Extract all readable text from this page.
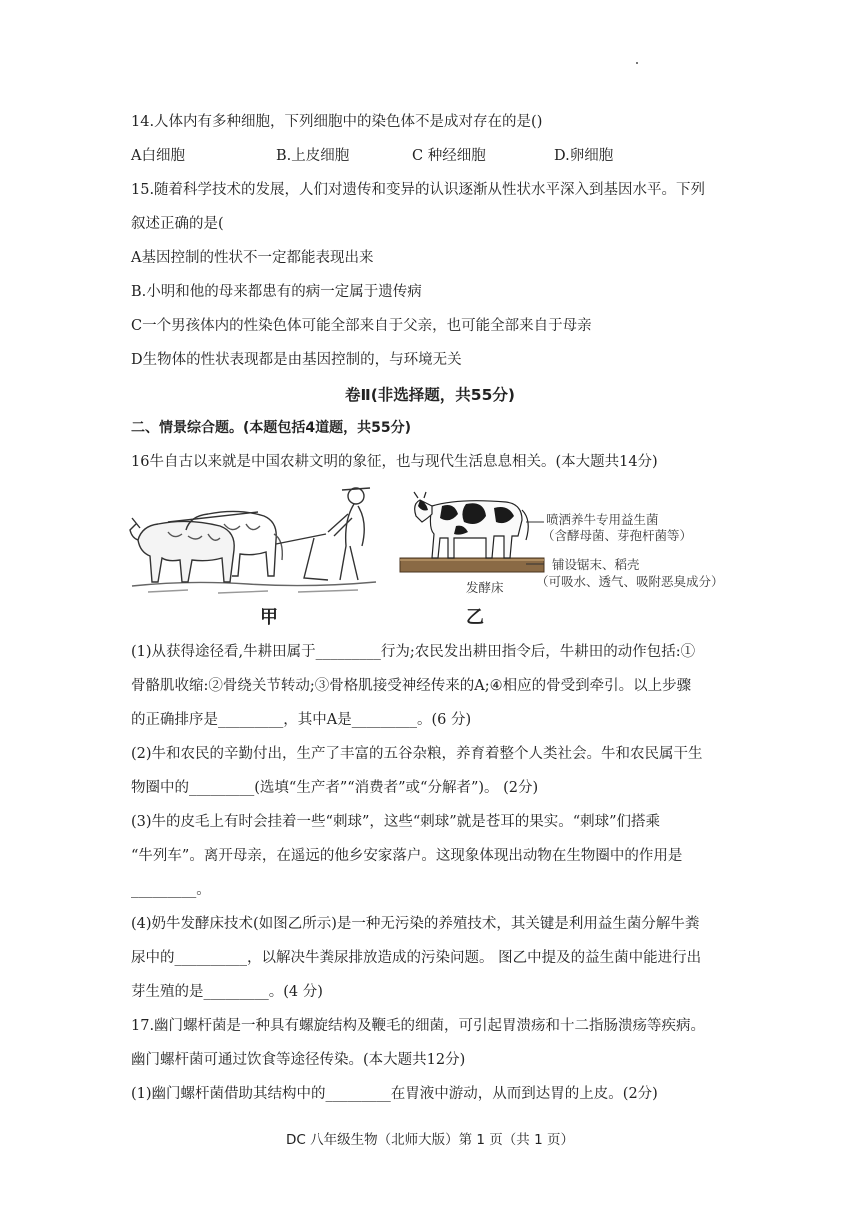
14.人体内有多种细胞，下列细胞中的染色体不是成对存在的是()
A白细胞	B.上皮细胞	C 种经细胞	D.卵细胞
15.随着科学技术的发展，人们对遗传和变异的认识逐渐从性状水平深入到基因水平。下列
叙述正确的是(
A基因控制的性状不一定都能表现出来
B.小明和他的母来都患有的病一定属于遗传病
C一个男孩体内的性染色体可能全部来自于父亲，也可能全部来自于母亲
D生物体的性状表现都是由基因控制的，与环境无关
卷Ⅱ(非选择题，共55分)
二、情景综合题。(本题包括4道题，共55分)
16牛自古以来就是中国农耕文明的象征，也与现代生活息息相关。(本大题共14分)
甲
喷洒养牛专用益生菌
（含酵母菌、芽孢杆菌等）
铺设锯末、稻壳
（可吸水、透气、吸附恶臭成分）
发酵床
乙
(1)从获得途径看,牛耕田属于_________行为;农民发出耕田指令后，牛耕田的动作包括:①
骨骼肌收缩:②骨绕关节转动;③骨格肌接受神经传来的A;④相应的骨受到牵引。以上步骤
的正确排序是_________，其中A是_________。(6 分)
(2)牛和农民的辛勤付出，生产了丰富的五谷杂粮，养育着整个人类社会。牛和农民属干生
物圈中的_________(选填“生产者”“消费者”或“分解者”)。 (2分)
(3)牛的皮毛上有时会挂着一些“刺球”，这些“刺球”就是苍耳的果实。“刺球”们搭乘
“牛列车”。离开母亲，在遥远的他乡安家落户。这现象体现出动物在生物圈中的作用是
_________。
(4)奶牛发酵床技术(如图乙所示)是一种无污染的养殖技术，其关键是利用益生菌分解牛粪
尿中的__________，以解决牛粪尿排放造成的污染问题。 图乙中提及的益生菌中能进行出
芽生殖的是_________。(4 分)
17.幽门螺杆菌是一种具有螺旋结构及鞭毛的细菌，可引起胃溃疡和十二指肠溃疡等疾病。
幽门螺杆菌可通过饮食等途径传染。(本大题共12分)
(1)幽门螺杆菌借助其结构中的_________在胃液中游动，从而到达胃的上皮。(2分)
DC 八年级生物（北师大版）第 1 页（共 1 页）
